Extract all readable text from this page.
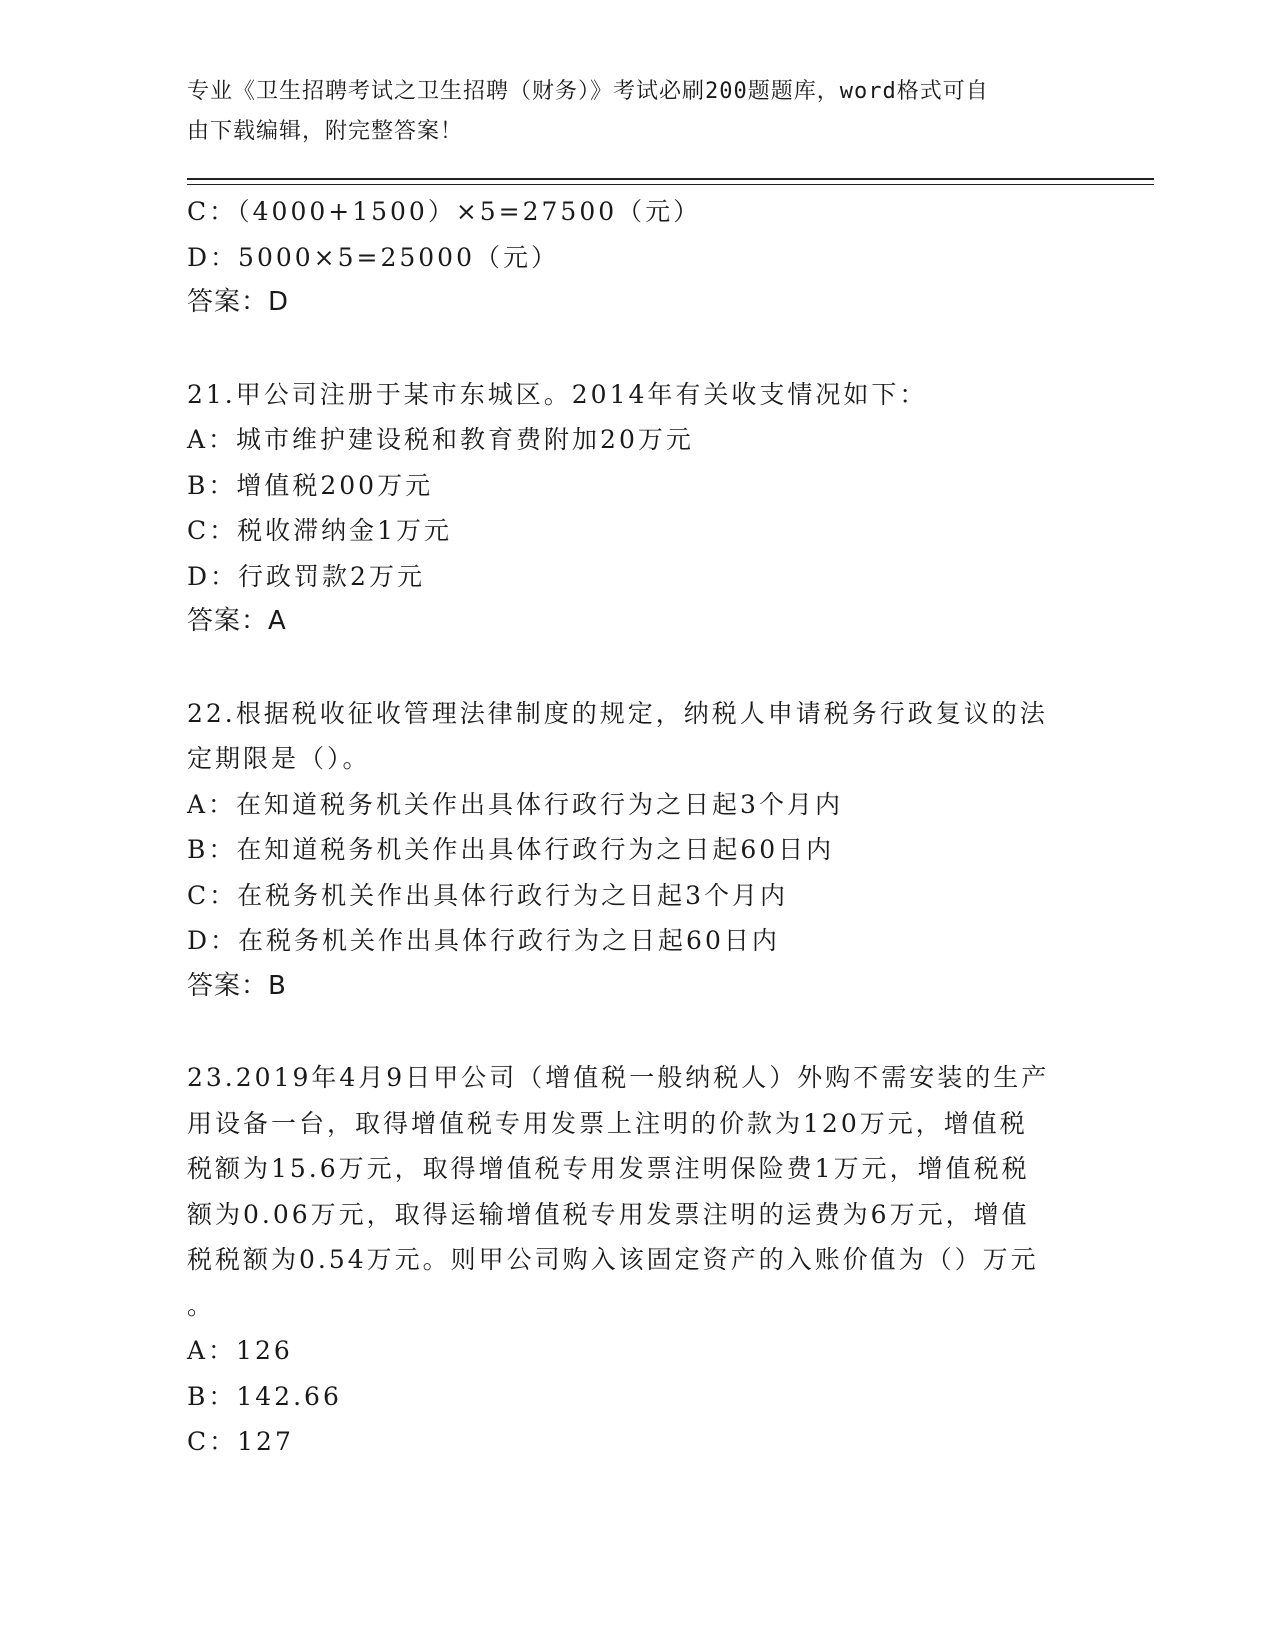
专业《卫生招聘考试之卫生招聘（财务）》考试必刷200题题库，word格式可自
由下载编辑，附完整答案！
C：（4000+1500）×5=27500（元）
D：5000×5=25000（元）
答案：D
21.甲公司注册于某市东城区。2014年有关收支情况如下：
A：城市维护建设税和教育费附加20万元
B：增值税200万元
C：税收滞纳金1万元
D：行政罚款2万元
答案：A
22.根据税收征收管理法律制度的规定，纳税人申请税务行政复议的法
定期限是（）。
A：在知道税务机关作出具体行政行为之日起3个月内
B：在知道税务机关作出具体行政行为之日起60日内
C：在税务机关作出具体行政行为之日起3个月内
D：在税务机关作出具体行政行为之日起60日内
答案：B
23.2019年4月9日甲公司（增值税一般纳税人）外购不需安装的生产
用设备一台，取得增值税专用发票上注明的价款为120万元，增值税
税额为15.6万元，取得增值税专用发票注明保险费1万元，增值税税
额为0.06万元，取得运输增值税专用发票注明的运费为6万元，增值
税税额为0.54万元。则甲公司购入该固定资产的入账价值为（）万元
。
A：126
B：142.66
C：127
